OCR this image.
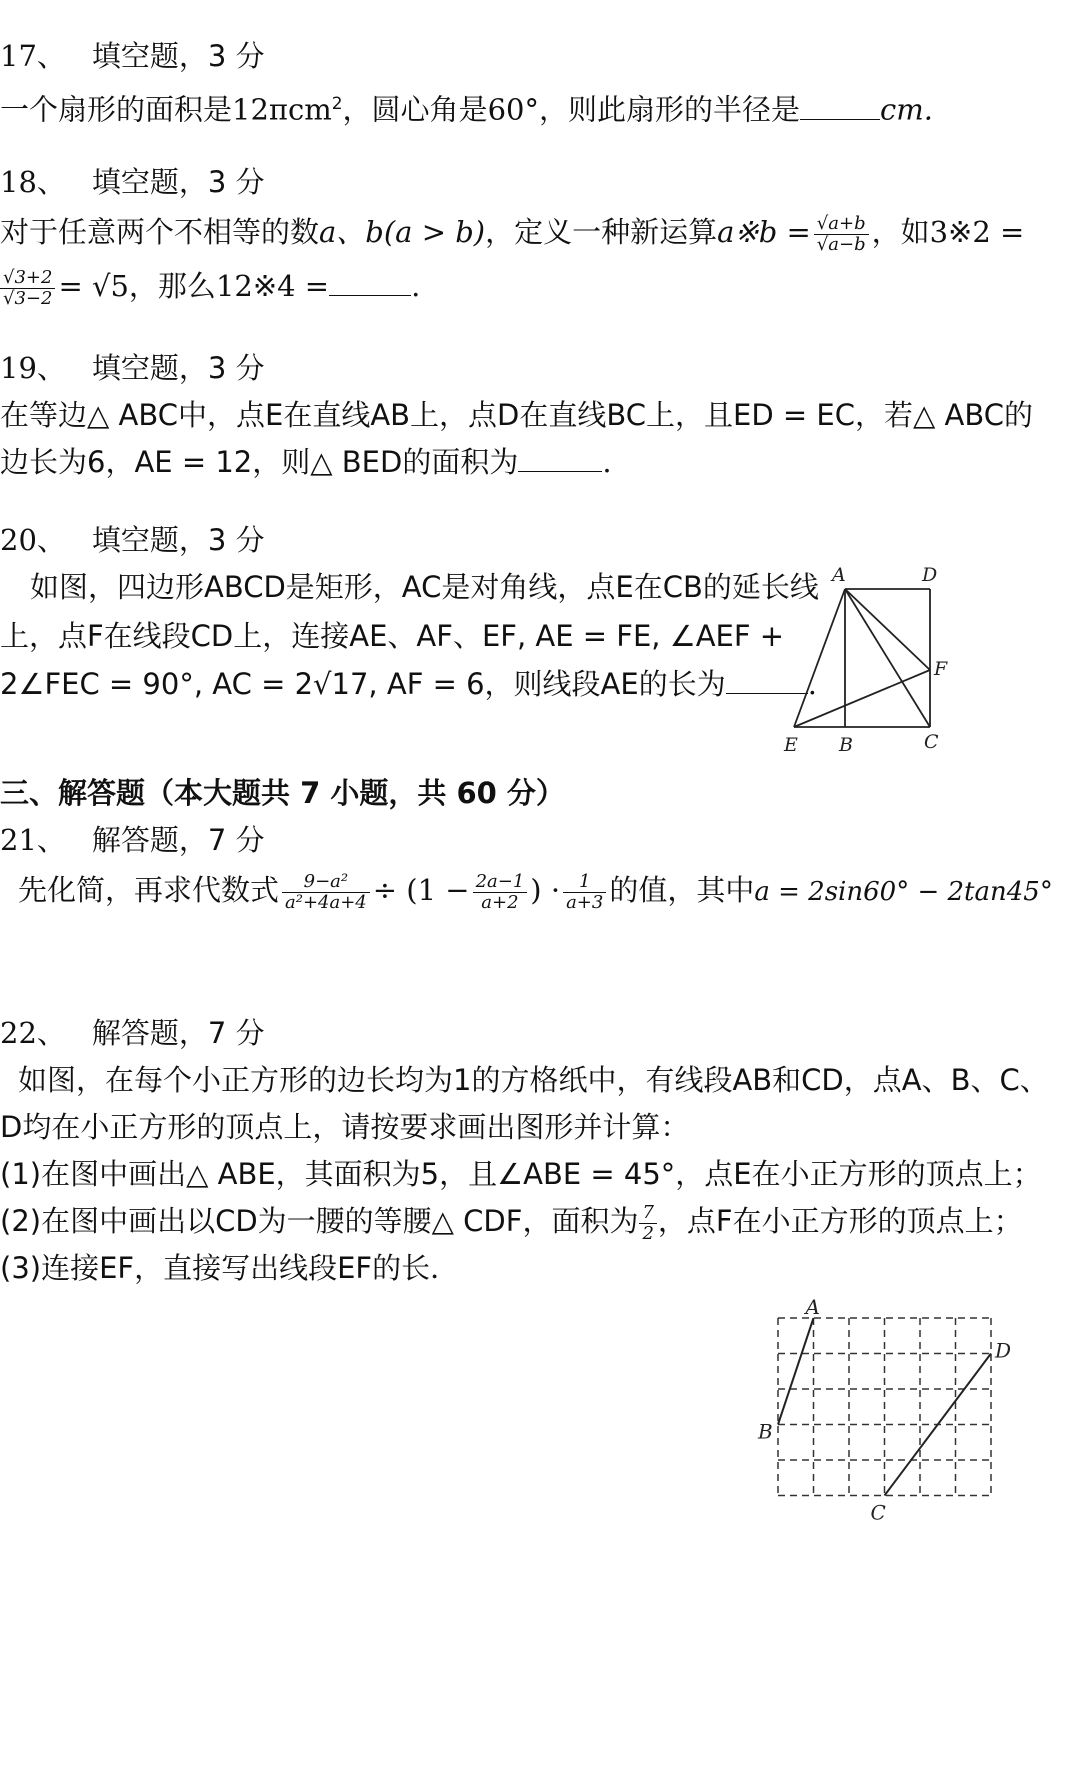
17、 填空题，3 分
一个扇形的面积是12πcm$^2$，圆心角是60°，则此扇形的半径是	cm.
18、 填空题，3 分
对于任意两个不相等的数a、b(a > b)，定义一种新运算a※b = $\frac{√a+b}{√a-b}$ ，如3※2 =
$\frac{√3+2}{√3-2} = √5$，那么12※4 =	.
19、 填空题，3 分
在等边△ ABC中，点E在直线AB上，点D在直线BC上，且ED = EC，若△ ABC的
边长为6，AE = 12，则△ BED的面积为	.
20、 填空题，3 分
如图，四边形ABCD是矩形，AC是对角线，点E在CB的延长线
上，点F在线段CD上，连接AE、AF、EF, AE = FE, ∠AEF +
2∠FEC = 90°, AC = 2√17, AF = 6，则线段AE的长为	.
A	D
F
E B	C
三、解答题（本大题共 7 小题，共 60 分）
21、 解答题，7 分
先化简，再求代数式 $\frac{\text{9−a²}}{\text{a²+4a+4}} \div (1 - \frac{2a-1}{a+2}$ ) · $\frac{1}{a+3}$ 的值，其中a = 2sin60° − 2tan45°
22、 解答题，7 分
如图，在每个小正方形的边长均为1的方格纸中，有线段AB和CD，点A、B、C、
D均在小正方形的顶点上，请按要求画出图形并计算：
(1)在图中画出△ ABE，其面积为5，且∠ABE = 45°，点E在小正方形的顶点上；
(2)在图中画出以CD为一腰的等腰△ CDF，面积为 $\frac{7}{2}$ ，点F在小正方形的顶点上；
(3)连接EF，直接写出线段EF的长．
A
B
C
D
